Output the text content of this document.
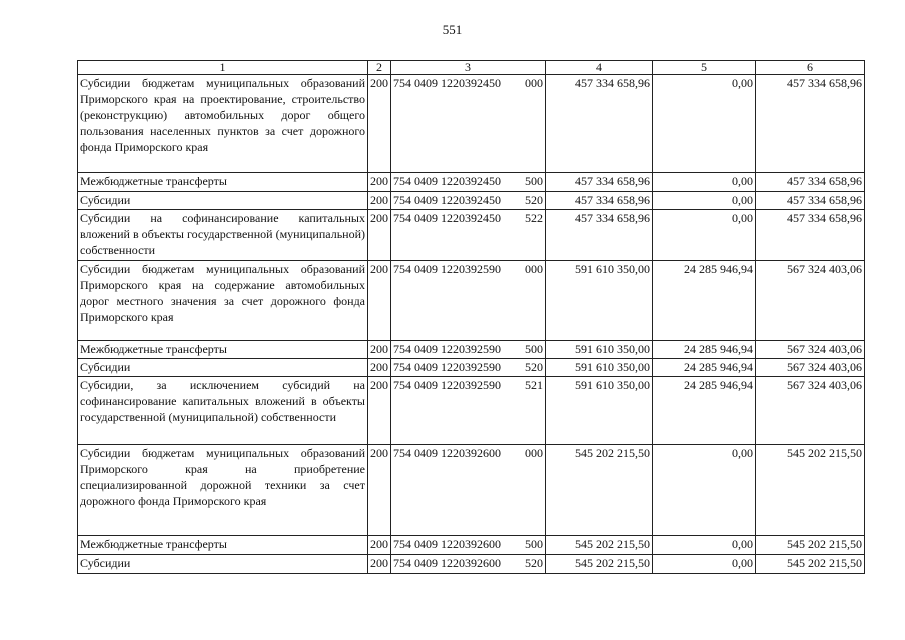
551
1	2	3	4	5	6
Субсидии бюджетам муниципальных образований Приморского края на проектирование, строительство (реконструкцию) автомобильных дорог общего пользования населенных пунктов за счет дорожного фонда Приморского края	200	754 0409 1220392450 000	457 334 658,96	0,00	457 334 658,96
Межбюджетные трансферты	200	754 0409 1220392450 500	457 334 658,96	0,00	457 334 658,96
Субсидии	200	754 0409 1220392450 520	457 334 658,96	0,00	457 334 658,96
Субсидии на софинансирование капитальных вложений в объекты государственной (муниципальной) собственности	200	754 0409 1220392450 522	457 334 658,96	0,00	457 334 658,96
Субсидии бюджетам муниципальных образований Приморского края на содержание автомобильных дорог местного значения за счет дорожного фонда Приморского края	200	754 0409 1220392590 000	591 610 350,00	24 285 946,94	567 324 403,06
Межбюджетные трансферты	200	754 0409 1220392590 500	591 610 350,00	24 285 946,94	567 324 403,06
Субсидии	200	754 0409 1220392590 520	591 610 350,00	24 285 946,94	567 324 403,06
Субсидии, за исключением субсидий на софинансирование капитальных вложений в объекты государственной (муниципальной) собственности	200	754 0409 1220392590 521	591 610 350,00	24 285 946,94	567 324 403,06
Субсидии бюджетам муниципальных образований Приморского края на приобретение специализированной дорожной техники за счет дорожного фонда Приморского края	200	754 0409 1220392600 000	545 202 215,50	0,00	545 202 215,50
Межбюджетные трансферты	200	754 0409 1220392600 500	545 202 215,50	0,00	545 202 215,50
Субсидии	200	754 0409 1220392600 520	545 202 215,50	0,00	545 202 215,50
